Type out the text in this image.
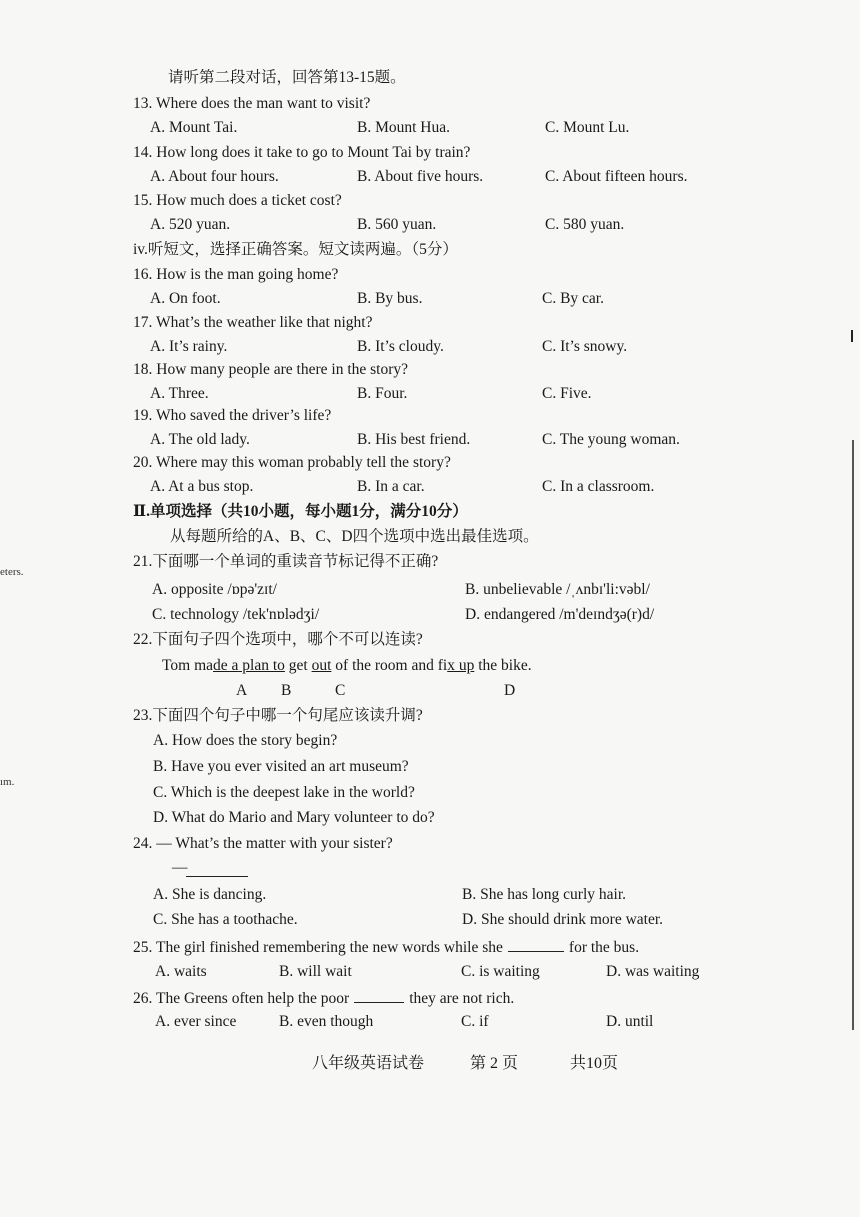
eters.
ım.
请听第二段对话，回答第13-15题。
13. Where does the man want to visit?
A. Mount Tai.	B. Mount Hua.	C. Mount Lu.
14. How long does it take to go to Mount Tai by train?
A. About four hours.	B. About five hours.	C. About fifteen hours.
15. How much does a ticket cost?
A. 520 yuan.	B. 560 yuan.	C. 580 yuan.
iv.听短文，选择正确答案。短文读两遍。（5分）
16. How is the man going home?
A. On foot.	B. By bus.	C. By car.
17. What’s the weather like that night?
A. It’s rainy.	B. It’s cloudy.	C. It’s snowy.
18. How many people are there in the story?
A. Three.	B. Four.	C. Five.
19. Who saved the driver’s life?
A. The old lady.	B. His best friend.	C. The young woman.
20. Where may this woman probably tell the story?
A. At a bus stop.	B. In a car.	C. In a classroom.
Ⅱ.单项选择（共10小题，每小题1分，满分10分）
从每题所给的A、B、C、D四个选项中选出最佳选项。
21.下面哪一个单词的重读音节标记得不正确?
A. opposite /ɒpə'zɪt/	B. unbelievable /ˌʌnbɪ'li:vəbl/
C. technology /tek'nɒlədʒi/	D. endangered /m'deɪndʒə(r)d/
22.下面句子四个选项中，哪个不可以连读?
Tom made a plan to get out of the room and fix up the bike.
A B	C	D
23.下面四个句子中哪一个句尾应该读升调?
A. How does the story begin?
B. Have you ever visited an art museum?
C. Which is the deepest lake in the world?
D. What do Mario and Mary volunteer to do?
24. — What’s the matter with your sister?
—
A. She is dancing.	B. She has long curly hair.
C. She has a toothache.	D. She should drink more water.
25. The girl finished remembering the new words while she	for the bus.
A. waits	B. will wait	C. is waiting	D. was waiting
26. The Greens often help the poor	they are not rich.
A. ever since	B. even though	C. if	D. until
八年级英语试卷	第 2 页	共10页
